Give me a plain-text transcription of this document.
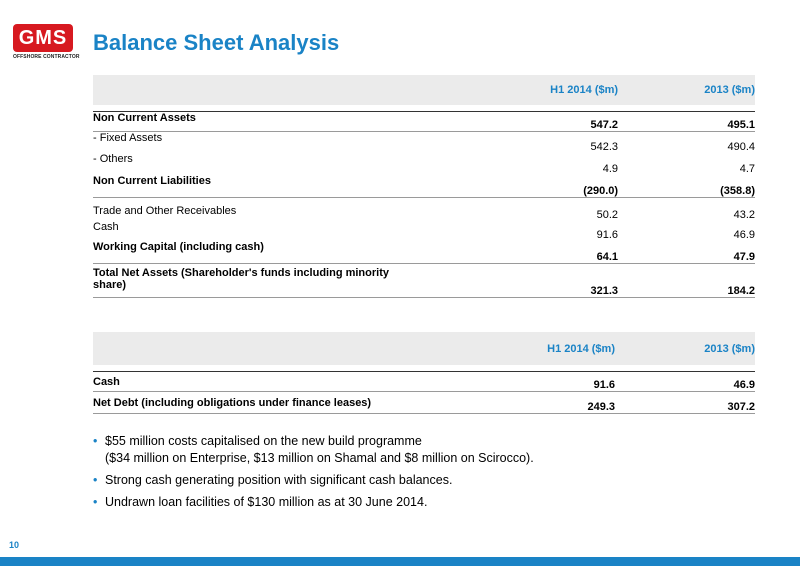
GMS
OFFSHORE CONTRACTOR
Balance Sheet Analysis
	H1 2014 ($m)	2013 ($m)

Non Current Assets	547.2	495.1
- Fixed Assets	542.3	490.4
- Others	4.9	4.7
Non Current Liabilities	(290.0)	(358.8)
Trade and Other Receivables	50.2	43.2
Cash	91.6	46.9
Working Capital (including cash)	64.1	47.9
Total Net Assets (Shareholder's funds including minority share)	321.3	184.2
	H1 2014 ($m)	2013 ($m)

Cash	91.6	46.9
Net Debt (including obligations under finance leases)	249.3	307.2
• $55 million costs capitalised on the new build programme
($34 million on Enterprise, $13 million on Shamal and $8 million on Scirocco).
• Strong cash generating position with significant cash balances.
• Undrawn loan facilities of $130 million as at 30 June 2014.
10
